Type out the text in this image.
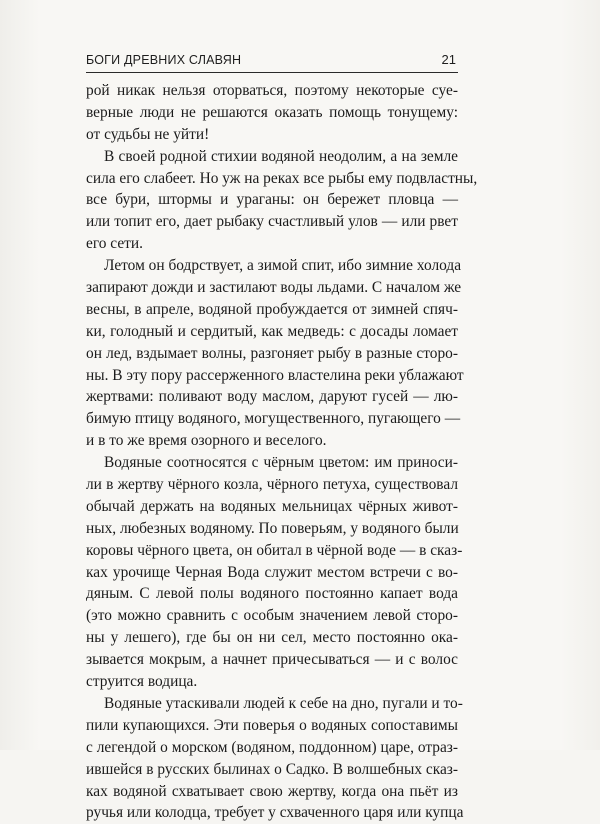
БОГИ ДРЕВНИХ СЛАВЯН	21
рой никак нельзя оторваться, поэтому некоторые суе-
верные люди не решаются оказать помощь тонущему:
от судьбы не уйти!
В своей родной стихии водяной неодолим, а на земле
сила его слабеет. Но уж на реках все рыбы ему подвластны,
все бури, штормы и ураганы: он бережет пловца —
или топит его, дает рыбаку счастливый улов — или рвет
его сети.
Летом он бодрствует, а зимой спит, ибо зимние холода
запирают дожди и застилают воды льдами. С началом же
весны, в апреле, водяной пробуждается от зимней спяч-
ки, голодный и сердитый, как медведь: с досады ломает
он лед, вздымает волны, разгоняет рыбу в разные сторо-
ны. В эту пору рассерженного властелина реки ублажают
жертвами: поливают воду маслом, даруют гусей — лю-
бимую птицу водяного, могущественного, пугающего —
и в то же время озорного и веселого.
Водяные соотносятся с чёрным цветом: им приноси-
ли в жертву чёрного козла, чёрного петуха, существовал
обычай держать на водяных мельницах чёрных живот-
ных, любезных водяному. По поверьям, у водяного были
коровы чёрного цвета, он обитал в чёрной воде — в сказ-
ках урочище Черная Вода служит местом встречи с во-
дяным. С левой полы водяного постоянно капает вода
(это можно сравнить с особым значением левой сторо-
ны у лешего), где бы он ни сел, место постоянно ока-
зывается мокрым, а начнет причесываться — и с волос
струится водица.
Водяные утаскивали людей к себе на дно, пугали и то-
пили купающихся. Эти поверья о водяных сопоставимы
с легендой о морском (водяном, поддонном) царе, отраз-
ившейся в русских былинах о Садко. В волшебных сказ-
ках водяной схватывает свою жертву, когда она пьёт из
ручья или колодца, требует у схваченного царя или купца
